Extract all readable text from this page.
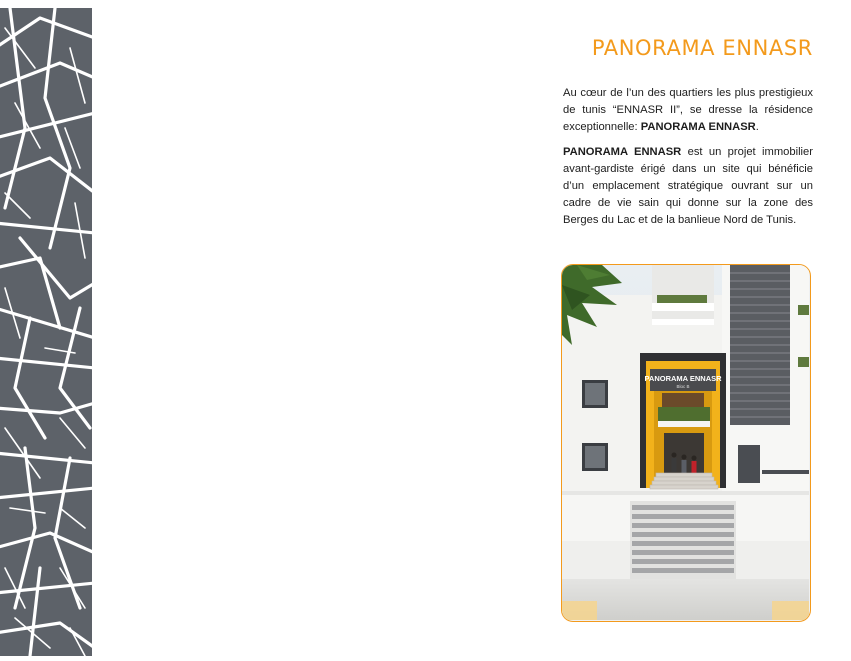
PANORAMA ENNASR

Au cœur de l’un des quartiers les plus prestigieux de tunis “ENNASR II”, se dresse la résidence exceptionnelle: PANORAMA ENNASR.

PANORAMA ENNASR est un projet immobilier avant-gardiste érigé dans un site qui bénéficie d’un emplacement stratégique ouvrant sur un cadre de vie sain qui donne sur la zone des Berges du Lac et de la banlieue Nord de Tunis.

PANORAMA ENNASR
Bloc B
